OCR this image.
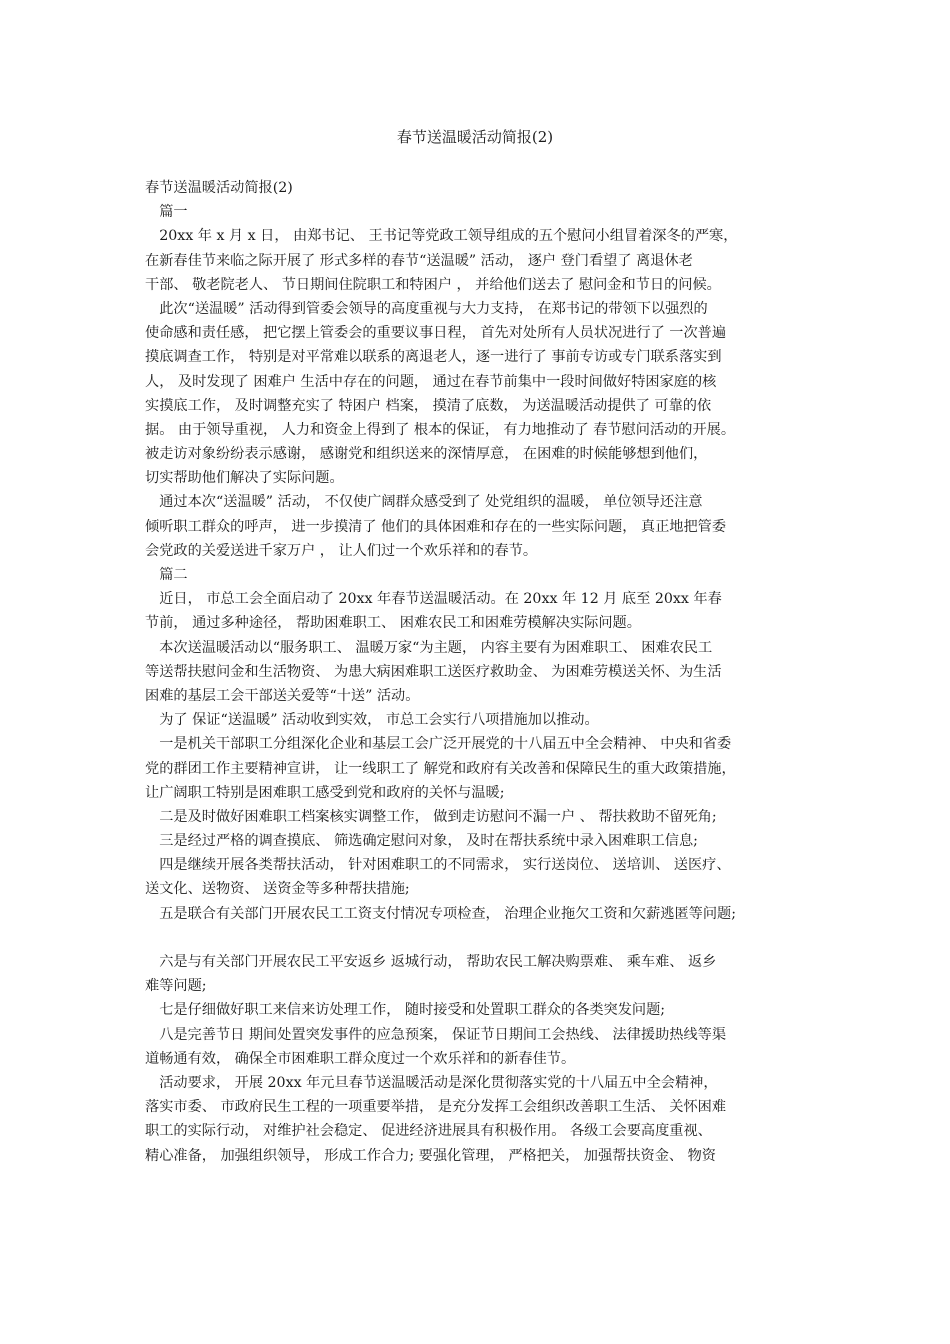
春节送温暖活动简报(2)
春节送温暖活动简报(2)
　篇一
　20xx 年 x 月 x 日， 由郑书记、 王书记等党政工领导组成的五个慰问小组冒着深冬的严寒，
在新春佳节来临之际开展了 形式多样的春节“送温暖” 活动， 逐户 登门看望了 离退休老
干部、 敬老院老人、 节日期间住院职工和特困户 ， 并给他们送去了 慰问金和节日的问候。
　此次“送温暖” 活动得到管委会领导的高度重视与大力支持， 在郑书记的带领下以强烈的
使命感和责任感， 把它摆上管委会的重要议事日程， 首先对处所有人员状况进行了 一次普遍
摸底调查工作， 特别是对平常难以联系的离退老人，逐一进行了 事前专访或专门联系落实到
人， 及时发现了 困难户 生活中存在的问题， 通过在春节前集中一段时间做好特困家庭的核
实摸底工作， 及时调整充实了 特困户 档案， 摸清了底数， 为送温暖活动提供了 可靠的依
据。 由于领导重视， 人力和资金上得到了 根本的保证， 有力地推动了 春节慰问活动的开展。
被走访对象纷纷表示感谢， 感谢党和组织送来的深情厚意， 在困难的时候能够想到他们，
切实帮助他们解决了实际问题。
　通过本次“送温暖” 活动， 不仅使广阔群众感受到了 处党组织的温暖， 单位领导还注意
倾听职工群众的呼声， 进一步摸清了 他们的具体困难和存在的一些实际问题， 真正地把管委
会党政的关爱送进千家万户 ， 让人们过一个欢乐祥和的春节。
　篇二
　近日， 市总工会全面启动了 20xx 年春节送温暖活动。在 20xx 年 12 月 底至 20xx 年春
节前， 通过多种途径， 帮助困难职工、 困难农民工和困难劳模解决实际问题。
　本次送温暖活动以“服务职工、 温暖万家“为主题， 内容主要有为困难职工、 困难农民工
等送帮扶慰问金和生活物资、 为患大病困难职工送医疗救助金、 为困难劳模送关怀、为生活
困难的基层工会干部送关爱等“十送” 活动。
　为了 保证“送温暖” 活动收到实效， 市总工会实行八项措施加以推动。
　一是机关干部职工分组深化企业和基层工会广泛开展党的十八届五中全会精神、 中央和省委
党的群团工作主要精神宣讲， 让一线职工了 解党和政府有关改善和保障民生的重大政策措施，
让广阔职工特别是困难职工感受到党和政府的关怀与温暖;
　二是及时做好困难职工档案核实调整工作， 做到走访慰问不漏一户 、 帮扶救助不留死角;
　三是经过严格的调查摸底、 筛选确定慰问对象， 及时在帮扶系统中录入困难职工信息;
　四是继续开展各类帮扶活动， 针对困难职工的不同需求， 实行送岗位、 送培训、 送医疗、
送文化、送物资、 送资金等多种帮扶措施;
　五是联合有关部门开展农民工工资支付情况专项检查， 治理企业拖欠工资和欠薪逃匿等问题;
　六是与有关部门开展农民工平安返乡 返城行动， 帮助农民工解决购票难、 乘车难、 返乡
难等问题;
　七是仔细做好职工来信来访处理工作， 随时接受和处置职工群众的各类突发问题;
　八是完善节日 期间处置突发事件的应急预案， 保证节日期间工会热线、 法律援助热线等渠
道畅通有效， 确保全市困难职工群众度过一个欢乐祥和的新春佳节。
　活动要求， 开展 20xx 年元旦春节送温暖活动是深化贯彻落实党的十八届五中全会精神，
落实市委、 市政府民生工程的一项重要举措， 是充分发挥工会组织改善职工生活、 关怀困难
职工的实际行动， 对维护社会稳定、 促进经济进展具有积极作用。 各级工会要高度重视、
精心准备， 加强组织领导， 形成工作合力; 要强化管理， 严格把关， 加强帮扶资金、 物资
